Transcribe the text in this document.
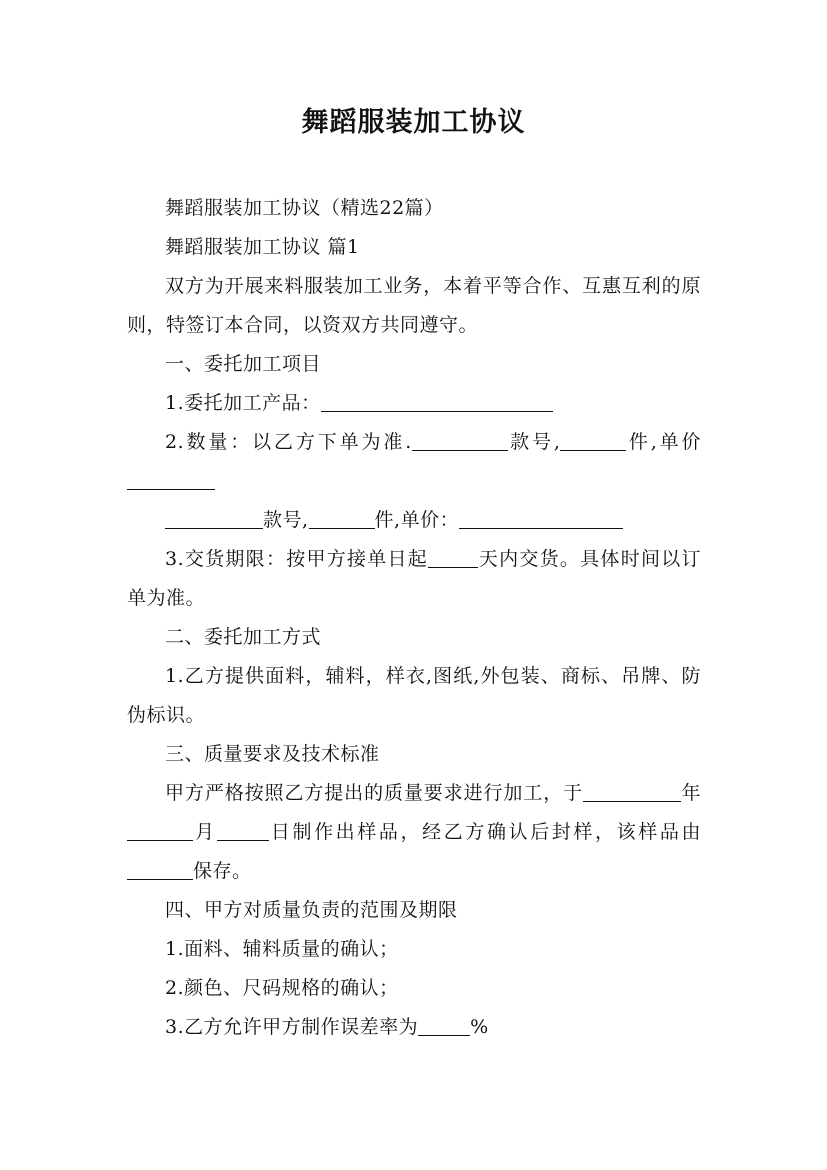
舞蹈服装加工协议

舞蹈服装加工协议（精选22篇）

舞蹈服装加工协议 篇1

双方为开展来料服装加工业务，本着平等合作、互惠互利的原则，特签订本合同，以资双方共同遵守。

一、委托加工项目

1.委托加工产品：

2.数量：以乙方下单为准.	款号,	件,单价

款号,	件,单价：

3.交货期限：按甲方接单日起	天内交货。具体时间以订单为准。

二、委托加工方式

1.乙方提供面料，辅料，样衣,图纸,外包装、商标、吊牌、防伪标识。

三、质量要求及技术标准

甲方严格按照乙方提出的质量要求进行加工，于	年月	日制作出样品，经乙方确认后封样，该样品由保存。

四、甲方对质量负责的范围及期限

1.面料、辅料质量的确认；

2.颜色、尺码规格的确认；

3.乙方允许甲方制作误差率为	%
